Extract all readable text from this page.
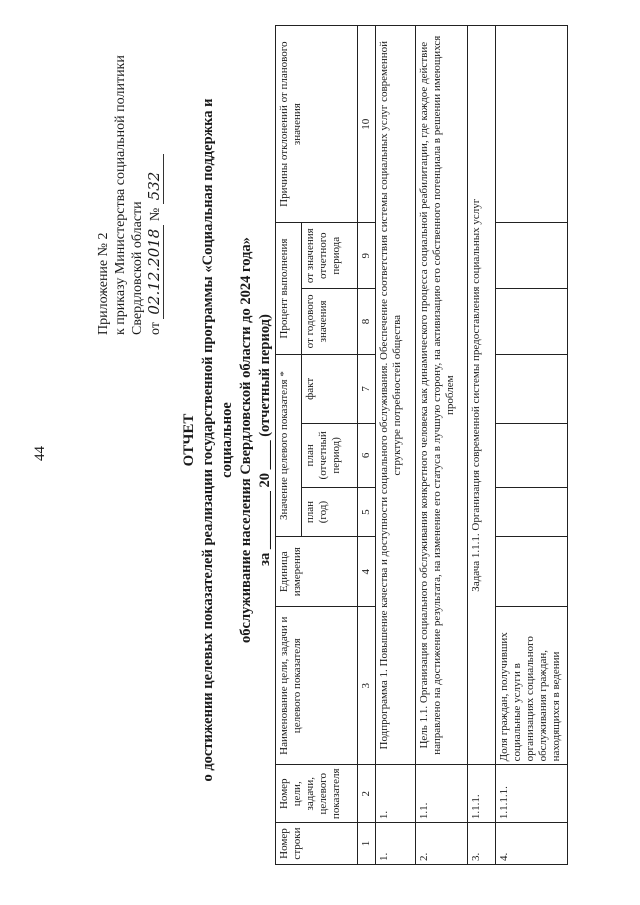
44
Приложение № 2 к приказу Министерства социальной политики Свердловской области от 02.12.2018 № 532
ОТЧЕТ о достижении целевых показателей реализации государственной программы «Социальная поддержка и социальное обслуживание населения Свердловской области до 2024 года» за ________ 20 ____ (отчетный период)
Номер строки	Номер цели, задачи, целевого показателя	Наименование цели, задачи и целевого показателя	Единица измерения	Значение целевого показателя *			Процент выполнения		Причины отклонений от планового значения
				план (год)	план (отчетный период)	факт	от годового значения	от значения отчетного периода	
1	2	3	4	5	6	7	8	9	10
1.	1.	Подпрограмма 1. Повышение качества и доступности социального обслуживания. Обеспечение соответствия системы социальных услуг современной структуре потребностей общества							
2.	1.1.	Цель 1.1. Организация социального обслуживания конкретного человека как динамического процесса социальной реабилитации, где каждое действие направлено на достижение результата, на изменение его статуса в лучшую сторону, на активизацию его собственного потенциала в решении имеющихся проблем							
3.	1.1.1.	Задача 1.1.1. Организация современной системы предоставления социальных услуг							
4.	1.1.1.1.	Доля граждан, получивших социальные услуги в организациях социального обслуживания граждан, находящихся в ведении							
